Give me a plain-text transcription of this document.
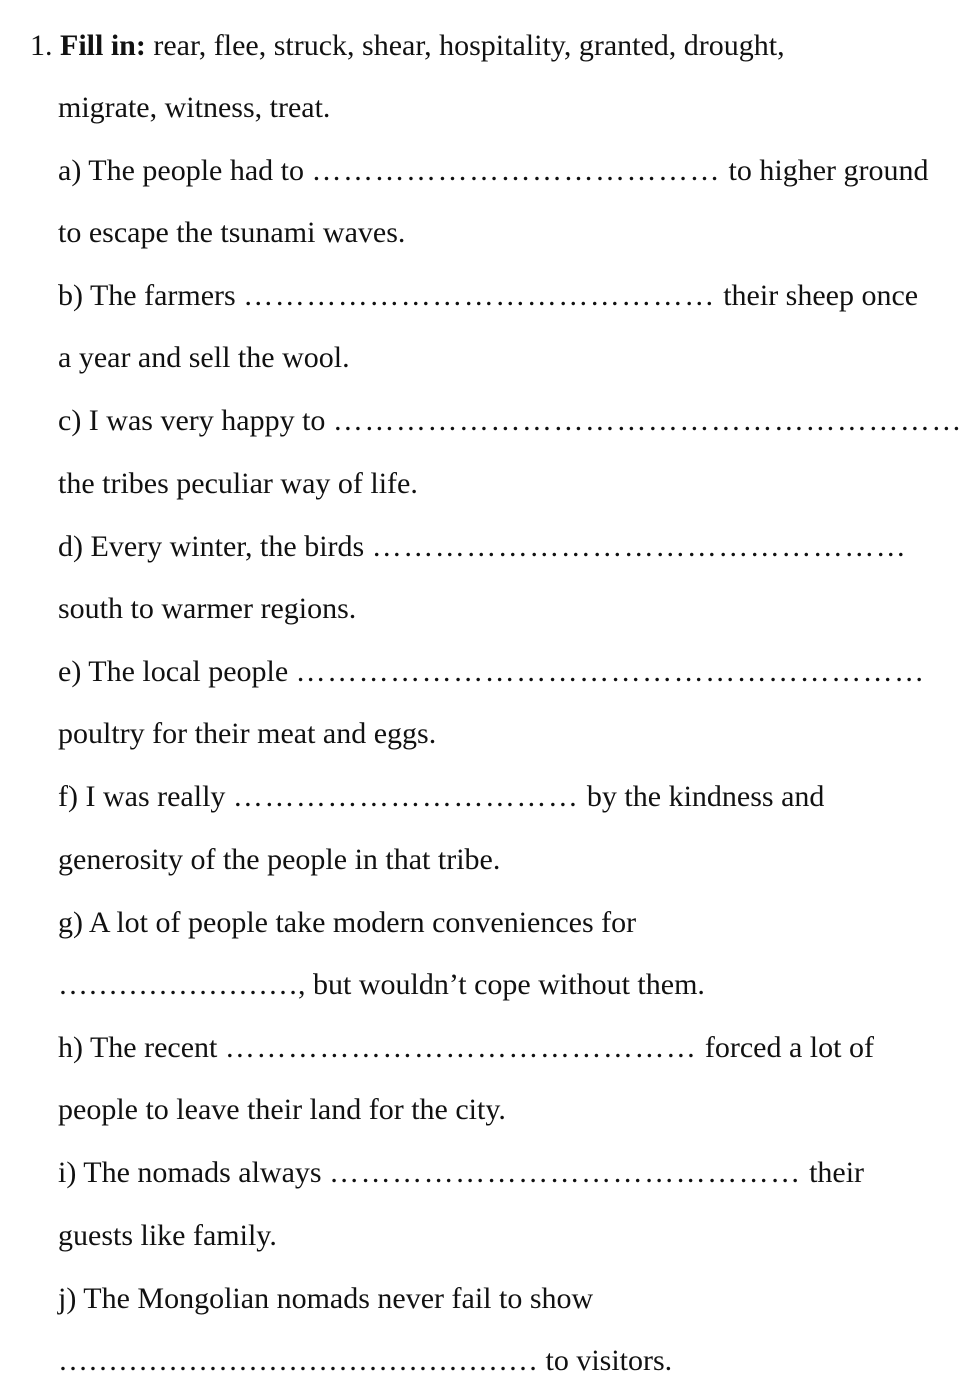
1. Fill in: rear, flee, struck, shear, hospitality, granted, drought,
migrate, witness, treat.
a) The people had to ………………………………… to higher ground
to escape the tsunami waves.
b) The farmers ……………………………………… their sheep once
a year and sell the wool.
c) I was very happy to ……………………………………………………
the tribes peculiar way of life.
d) Every winter, the birds ……………………………………………
south to warmer regions.
e) The local people ……………………………………………………
poultry for their meat and eggs.
f) I was really …………………………… by the kindness and
generosity of the people in that tribe.
g) A lot of people take modern conveniences for
……………………, but wouldn’t cope without them.
h) The recent ……………………………………… forced a lot of
people to leave their land for the city.
i) The nomads always ……………………………………… their
guests like family.
j) The Mongolian nomads never fail to show
………………………………………… to visitors.
